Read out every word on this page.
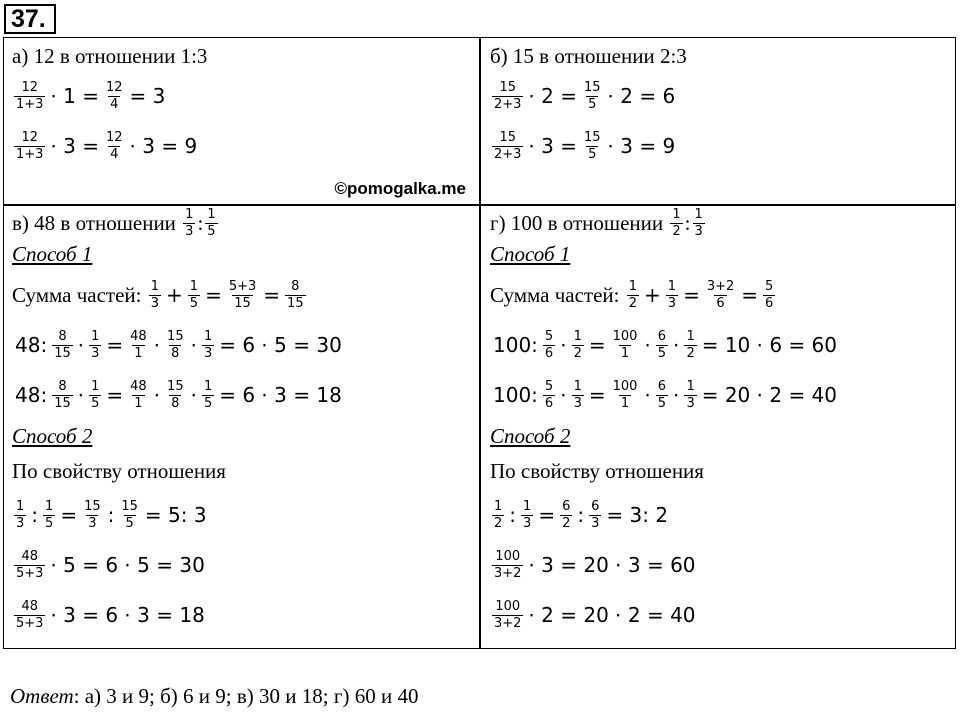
37.
а) 12 в отношении 1:3
$\frac{12}{1+3} \cdot 1 = \frac{12}{4} = 3$
$\frac{12}{1+3} \cdot 3 = \frac{12}{4} \cdot 3 = 9$
©pomogalka.me
б) 15 в отношении 2:3
$\frac{15}{2+3} \cdot 2 = \frac{15}{5} \cdot 2 = 6$
$\frac{15}{2+3} \cdot 3 = \frac{15}{5} \cdot 3 = 9$
в) 48 в отношении $\frac{1}{3}$ : $\frac{1}{5}$
Способ 1
Сумма частей: $\frac{1}{3} + \frac{1}{5} = \frac{5+3}{15} = \frac{8}{15}$
48: $\frac{8}{15} \cdot \frac{1}{3} = \frac{48}{1} \cdot \frac{15}{8} \cdot \frac{1}{3} = 6 \cdot 5 = 30$
48: $\frac{8}{15} \cdot \frac{1}{5} = \frac{48}{1} \cdot \frac{15}{8} \cdot \frac{1}{5} = 6 \cdot 3 = 18$
Способ 2
По свойству отношения
$\frac{1}{3}$ : $\frac{1}{5} = \frac{15}{3}$ : $\frac{15}{5} = 5$: 3
$\frac{48}{5+3} \cdot 5 = 6 \cdot 5 = 30$
$\frac{48}{5+3} \cdot 3 = 6 \cdot 3 = 18$
г) 100 в отношении $\frac{1}{2}$ : $\frac{1}{3}$
Способ 1
Сумма частей: $\frac{1}{2} + \frac{1}{3} = \frac{3+2}{6} = \frac{5}{6}$
100: $\frac{5}{6} \cdot \frac{1}{2} = \frac{100}{1} \cdot \frac{6}{5} \cdot \frac{1}{2} = 10 \cdot 6 = 60$
100: $\frac{5}{6} \cdot \frac{1}{3} = \frac{100}{1} \cdot \frac{6}{5} \cdot \frac{1}{3} = 20 \cdot 2 = 40$
Способ 2
По свойству отношения
$\frac{1}{2}$ : $\frac{1}{3} = \frac{6}{2}$ : $\frac{6}{3} = 3$: 2
$\frac{100}{3+2} \cdot 3 = 20 \cdot 3 = 60$
$\frac{100}{3+2} \cdot 2 = 20 \cdot 2 = 40$
Ответ: а) 3 и 9; б) 6 и 9; в) 30 и 18; г) 60 и 40
